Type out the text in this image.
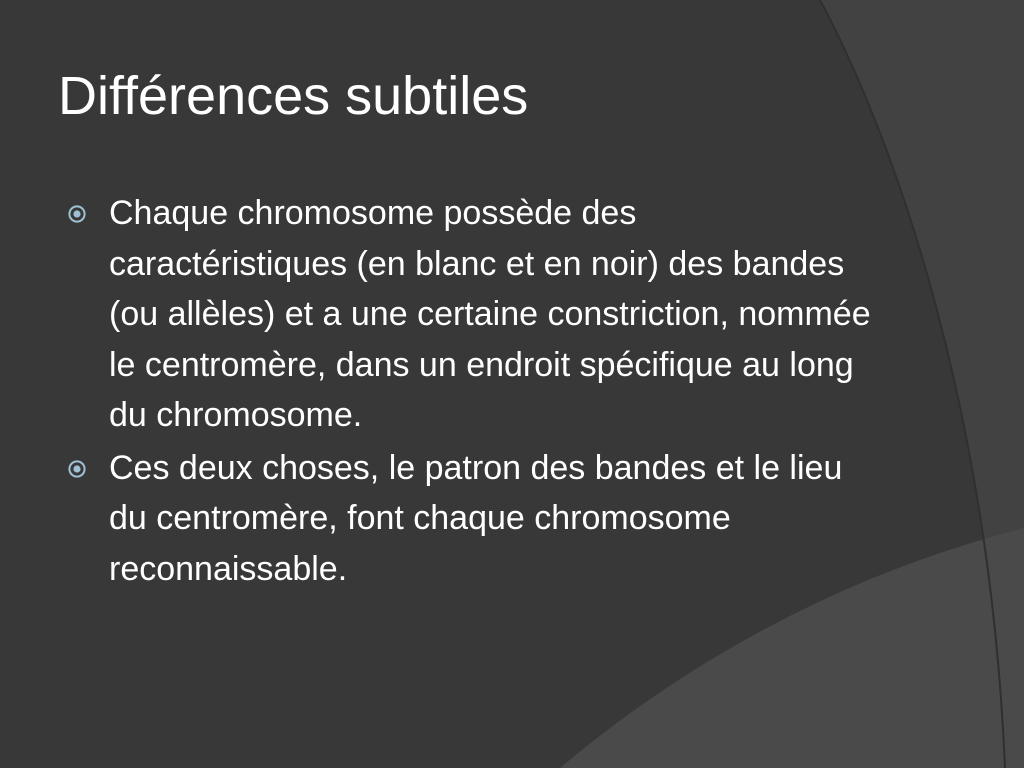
Différences subtiles
Chaque chromosome possède des caractéristiques (en blanc et en noir) des bandes (ou allèles) et a une certaine constriction, nommée le centromère, dans un endroit spécifique au long du chromosome.
Ces deux choses, le patron des bandes et le lieu du centromère, font chaque chromosome reconnaissable.
